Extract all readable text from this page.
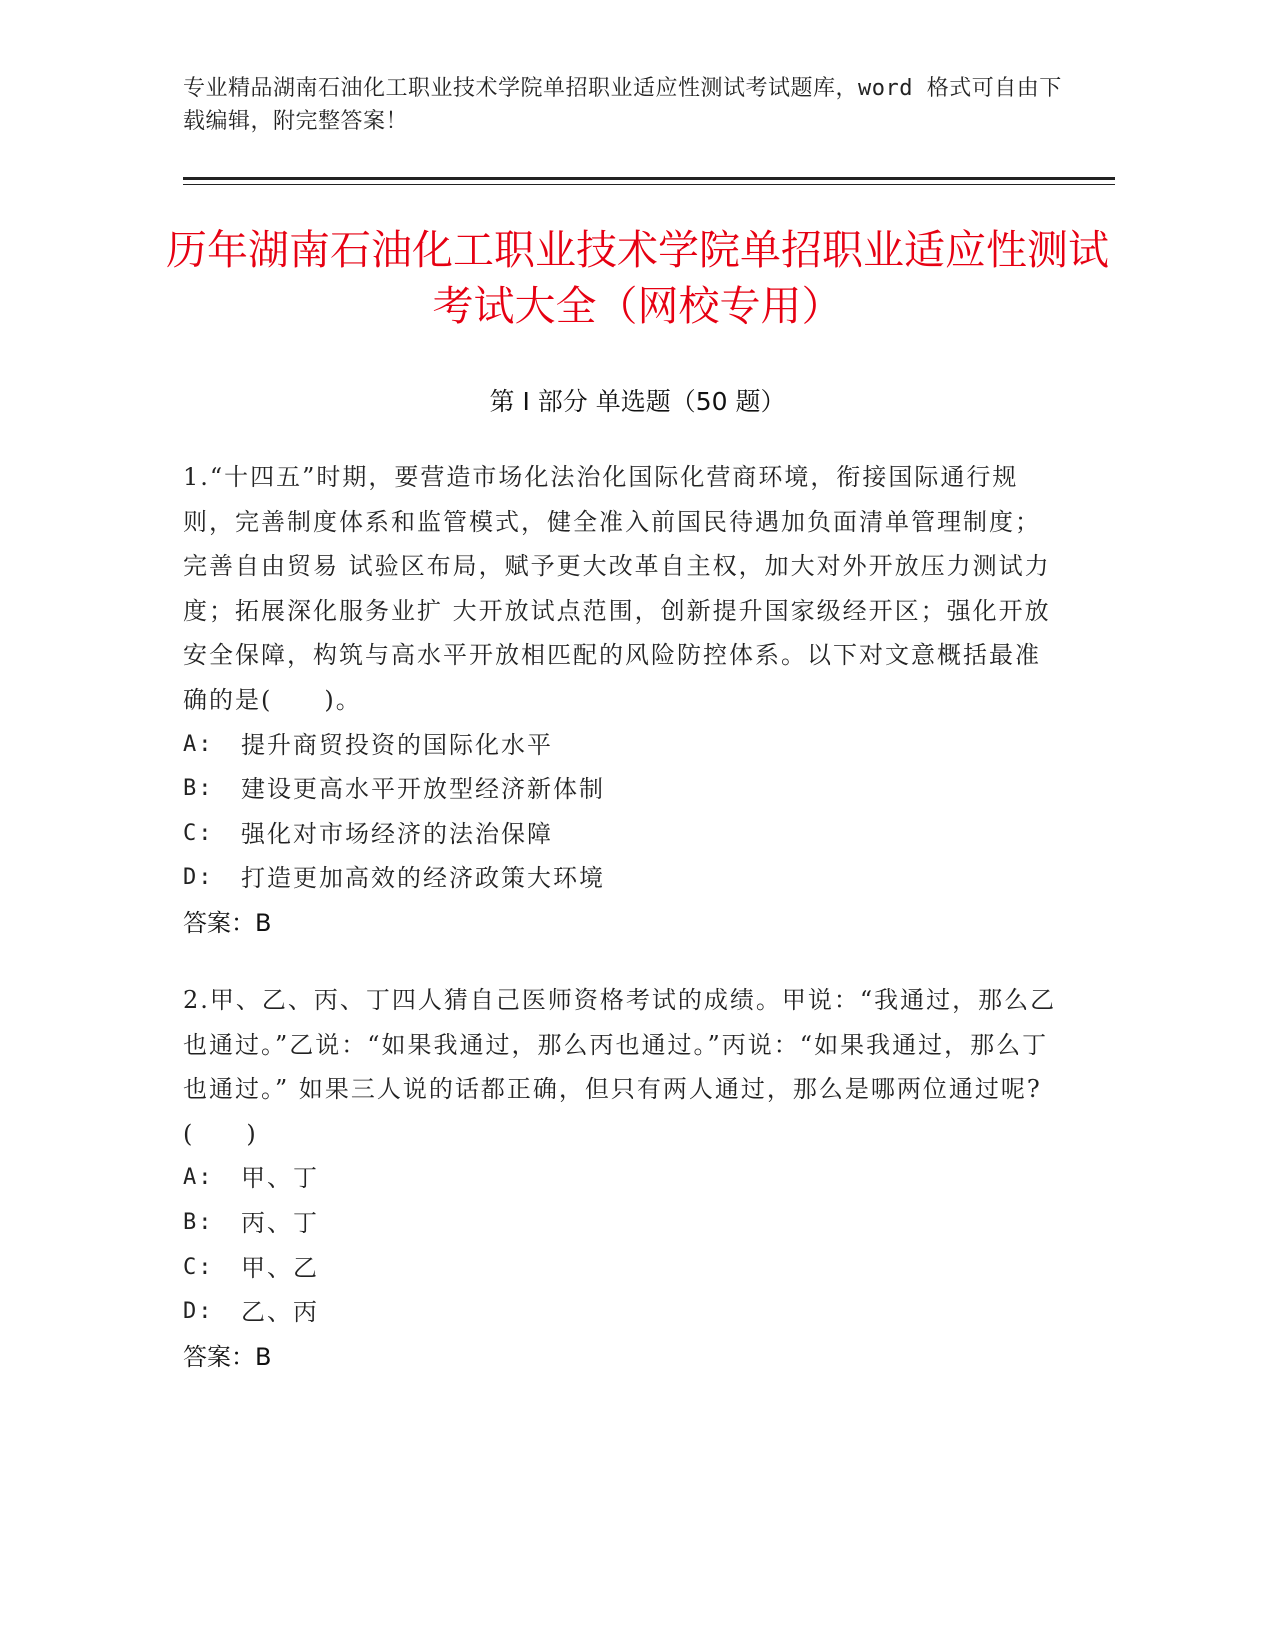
专业精品湖南石油化工职业技术学院单招职业适应性测试考试题库，word 格式可自由下载编辑，附完整答案！
历年湖南石油化工职业技术学院单招职业适应性测试考试大全（网校专用）
第 I 部分 单选题（50 题）

1.“十四五”时期，要营造市场化法治化国际化营商环境，衔接国际通行规则，完善制度体系和监管模式，健全准入前国民待遇加负面清单管理制度；完善自由贸易 试验区布局，赋予更大改革自主权，加大对外开放压力测试力度；拓展深化服务业扩 大开放试点范围，创新提升国家级经开区；强化开放安全保障，构筑与高水平开放相匹配的风险防控体系。以下对文意概括最准确的是(　　)。

A:	提升商贸投资的国际化水平
B:	建设更高水平开放型经济新体制
C:	强化对市场经济的法治保障
D:	打造更加高效的经济政策大环境

答案：B

2.甲、乙、丙、丁四人猜自己医师资格考试的成绩。甲说：“我通过，那么乙也通过。”乙说：“如果我通过，那么丙也通过。”丙说：“如果我通过，那么丁也通过。” 如果三人说的话都正确，但只有两人通过，那么是哪两位通过呢?(　　)

A:	甲、丁
B:	丙、丁
C:	甲、乙
D:	乙、丙

答案：B
